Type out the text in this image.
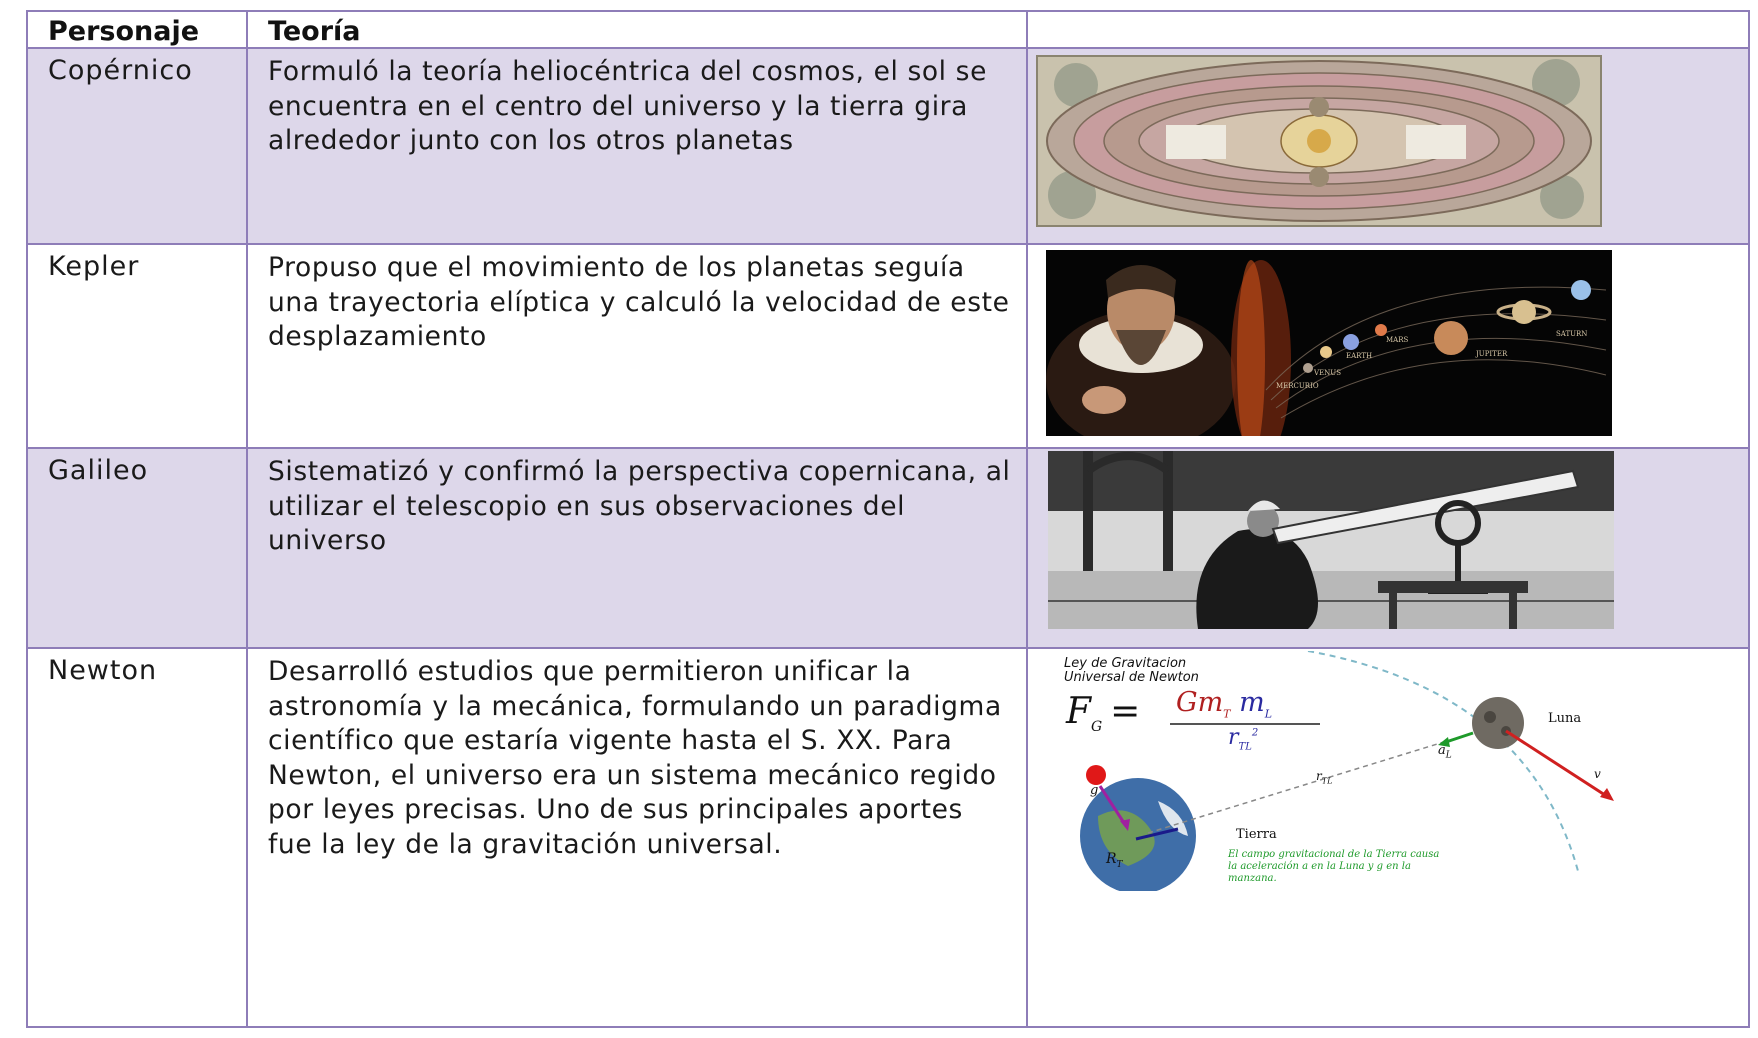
Personaje	Teoría
Copérnico	Formuló la teoría heliocéntrica del cosmos, el sol se encuentra en el centro del universo y la tierra gira alrededor junto con los otros planetas
Kepler	Propuso que el movimiento de los planetas seguía una trayectoria elíptica y calculó la velocidad de este desplazamiento
MERCURIO
VENUS
EARTH
MARS
JUPITER
SATURN
Galileo	Sistematizó y confirmó la perspectiva copernicana, al utilizar el telescopio en sus observaciones del universo
Newton	Desarrolló estudios que permitieron unificar la astronomía y la mecánica, formulando un paradigma científico que estaría vigente hasta el S. XX. Para Newton, el universo era un sistema mecánico regido por leyes precisas. Uno de sus principales aportes fue la ley de la gravitación universal.
Ley de Gravitacion
Universal de Newton
$F_G = Gm_T$ $m_L$
$r_{TL}^2$
Luna
Tierra
g
$a_L$
$r_{TL}$
$R_T$
v
El campo gravitacional de la Tierra causa
la aceleración a en la Luna y g en la
manzana.
